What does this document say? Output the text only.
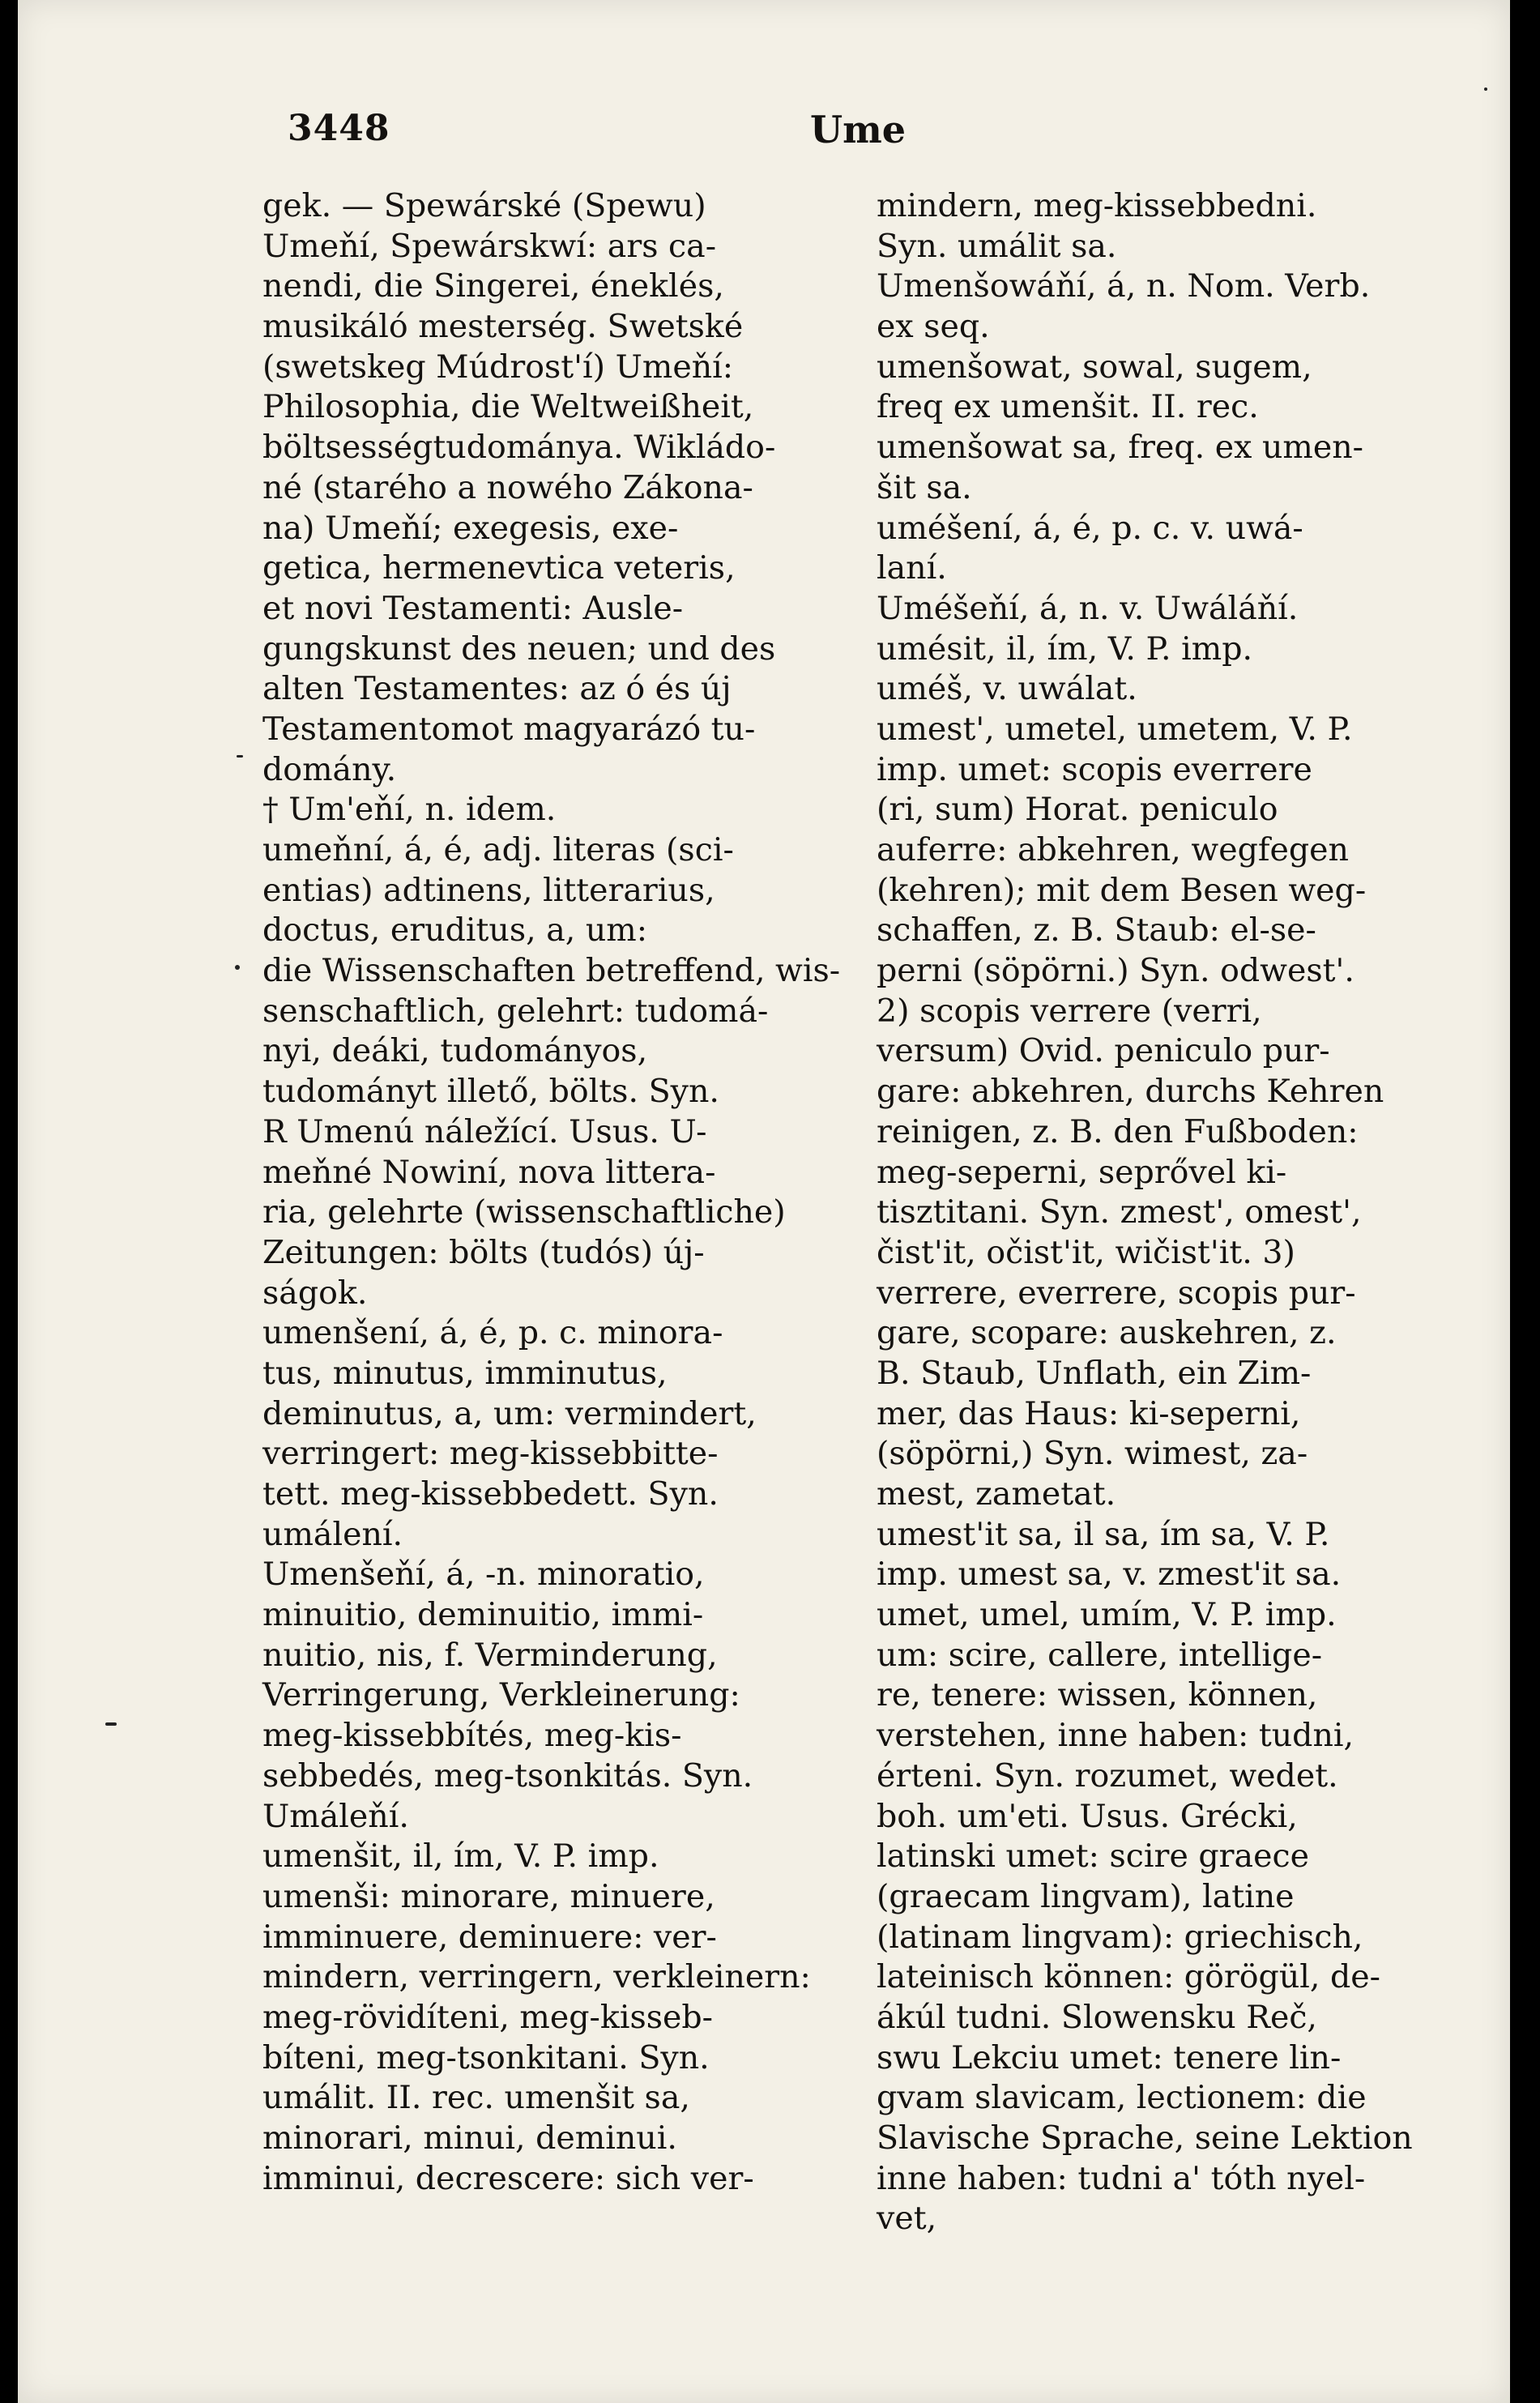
3448	Ume
gek. — Spewárské (Spewu)
Umeňí, Spewárskwí: ars ca-
nendi, die Singerei, éneklés,
musikáló mesterség. Swetské
(swetskeg Múdrost'í) Umeňí:
Philosophia, die Weltweißheit,
böltsességtudománya. Wikládo-
né (starého a nowého Zákona-
na) Umeňí; exegesis, exe-
getica, hermenevtica veteris,
et novi Testamenti: Ausle-
gungskunst des neuen; und des
alten Testamentes: az ó és új
Testamentomot magyarázó tu-
domány.
† Um'eňí, n. idem.
umeňní, á, é, adj. literas (sci-
entias) adtinens, litterarius,
doctus, eruditus, a, um:
die Wissenschaften betreffend, wis-
senschaftlich, gelehrt: tudomá-
nyi, deáki, tudományos,
tudományt illető, bölts. Syn.
R Umenú náležící. Usus. U-
meňné Nowiní, nova littera-
ria, gelehrte (wissenschaftliche)
Zeitungen: bölts (tudós) új-
ságok.
umenšení, á, é, p. c. minora-
tus, minutus, imminutus,
deminutus, a, um: vermindert,
verringert: meg-kissebbitte-
tett. meg-kissebbedett. Syn.
umálení.
Umenšeňí, á, -n. minoratio,
minuitio, deminuitio, immi-
nuitio, nis, f. Verminderung,
Verringerung, Verkleinerung:
meg-kissebbítés, meg-kis-
sebbedés, meg-tsonkitás. Syn.
Umáleňí.
umenšit, il, ím, V. P. imp.
umenši: minorare, minuere,
imminuere, deminuere: ver-
mindern, verringern, verkleinern:
meg-rövidíteni, meg-kisseb-
bíteni, meg-tsonkitani. Syn.
umálit. II. rec. umenšit sa,
minorari, minui, deminui.
imminui, decrescere: sich ver-
mindern, meg-kissebbedni.
Syn. umálit sa.
Umenšowáňí, á, n. Nom. Verb.
ex seq.
umenšowat, sowal, sugem,
freq ex umenšit. II. rec.
umenšowat sa, freq. ex umen-
šit sa.
uméšení, á, é, p. c. v. uwá-
laní.
Uméšeňí, á, n. v. Uwáláňí.
umésit, il, ím, V. P. imp.
uméš, v. uwálat.
umest', umetel, umetem, V. P.
imp. umet: scopis everrere
(ri, sum) Horat. peniculo
auferre: abkehren, wegfegen
(kehren); mit dem Besen weg-
schaffen, z. B. Staub: el-se-
perni (söpörni.) Syn. odwest'.
2) scopis verrere (verri,
versum) Ovid. peniculo pur-
gare: abkehren, durchs Kehren
reinigen, z. B. den Fußboden:
meg-seperni, seprővel ki-
tisztitani. Syn. zmest', omest',
čist'it, očist'it, wičist'it. 3)
verrere, everrere, scopis pur-
gare, scopare: auskehren, z.
B. Staub, Unflath, ein Zim-
mer, das Haus: ki-seperni,
(söpörni,) Syn. wimest, za-
mest, zametat.
umest'it sa, il sa, ím sa, V. P.
imp. umest sa, v. zmest'it sa.
umet, umel, umím, V. P. imp.
um: scire, callere, intellige-
re, tenere: wissen, können,
verstehen, inne haben: tudni,
érteni. Syn. rozumet, wedet.
boh. um'eti. Usus. Grécki,
latinski umet: scire graece
(graecam lingvam), latine
(latinam lingvam): griechisch,
lateinisch können: görögül, de-
ákúl tudni. Slowensku Reč,
swu Lekciu umet: tenere lin-
gvam slavicam, lectionem: die
Slavische Sprache, seine Lektion
inne haben: tudni a' tóth nyel-
vet,
